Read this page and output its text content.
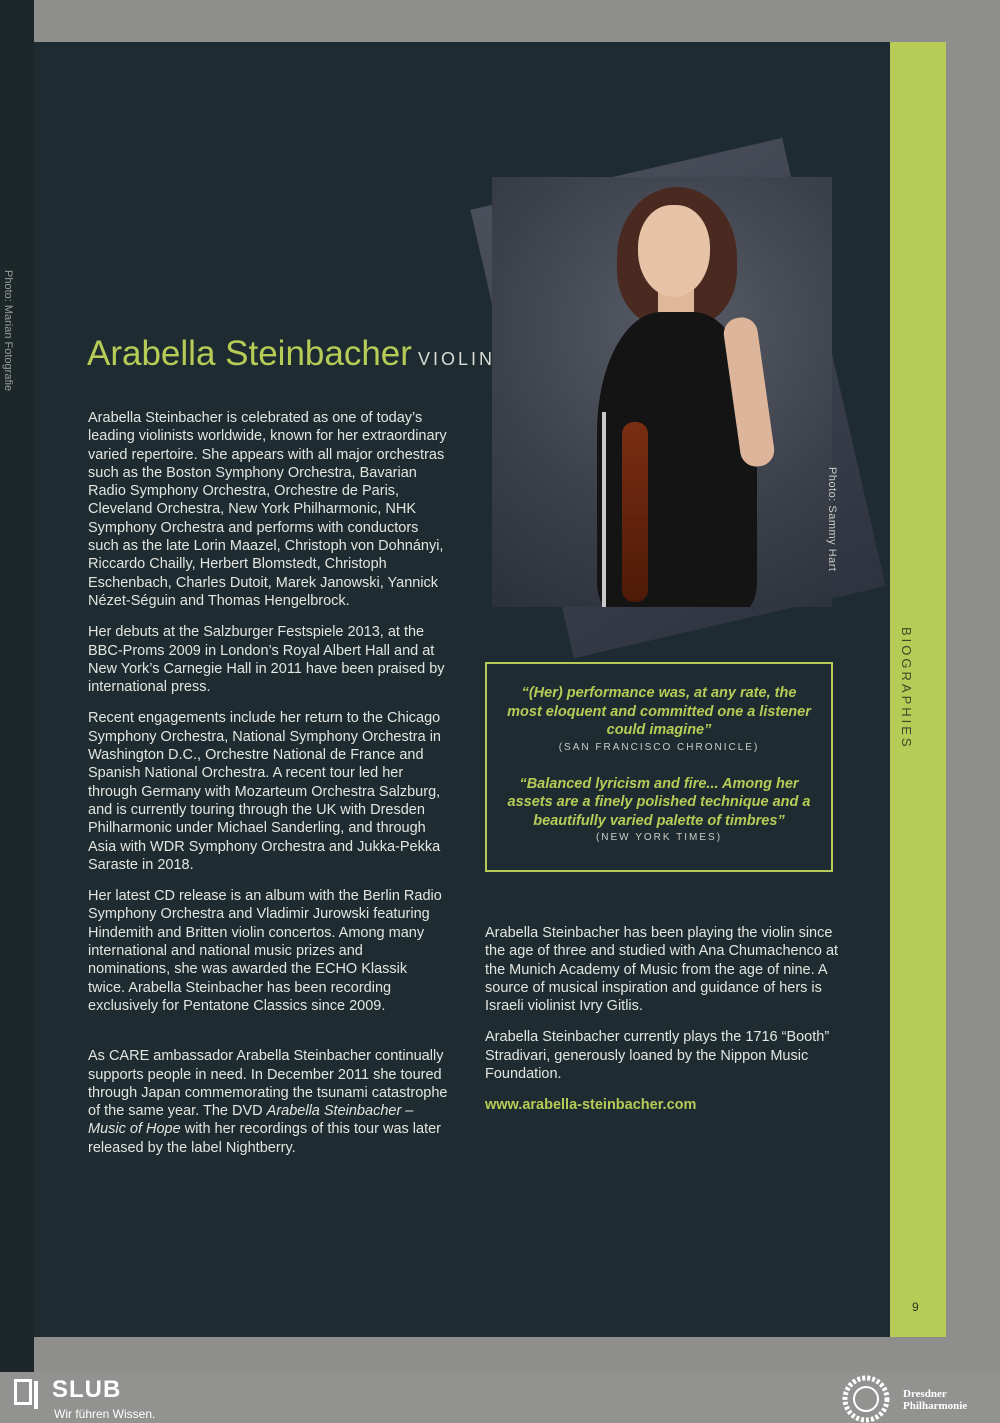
Photo: Marian Fotografie
BIOGRAPHIES
9
Photo: Sammy Hart
Arabella Steinbacher VIOLIN

Arabella Steinbacher is celebrated as one of today’s leading violinists worldwide, known for her extraordinary varied repertoire. She appears with all major orchestras such as the Boston Symphony Orchestra, Bavarian Radio Symphony Orchestra, Orchestre de Paris, Cleveland Orchestra, New York Philharmonic, NHK Symphony Orchestra and performs with conductors such as the late Lorin Maazel, Christoph von Dohnányi, Riccardo Chailly, Herbert Blomstedt, Christoph Eschenbach, Charles Dutoit, Marek Janowski, Yannick Nézet-Séguin and Thomas Hengelbrock.

Her debuts at the Salzburger Festspiele 2013, at the BBC-Proms 2009 in London’s Royal Albert Hall and at New York’s Carnegie Hall in 2011 have been praised by international press.

Recent engagements include her return to the Chicago Symphony Orchestra, National Symphony Orchestra in Washington D.C., Orchestre National de France and Spanish National Orchestra. A recent tour led her through Germany with Mozarteum Orchestra Salzburg, and is currently touring through the UK with Dresden Philharmonic under Michael Sanderling, and through Asia with WDR Symphony Orchestra and Jukka-Pekka Saraste in 2018.

Her latest CD release is an album with the Berlin Radio Symphony Orchestra and Vladimir Jurowski featuring Hindemith and Britten violin concertos. Among many international and national music prizes and nominations, she was awarded the ECHO Klassik twice. Arabella Steinbacher has been recording exclusively for Pentatone Classics since 2009.

As CARE ambassador Arabella Steinbacher continually supports people in need. In December 2011 she toured through Japan commemorating the tsunami catastrophe of the same year. The DVD Arabella Steinbacher – Music of Hope with her recordings of this tour was later released by the label Nightberry.

“(Her) performance was, at any rate, the most eloquent and committed one a listener could imagine”

(SAN FRANCISCO CHRONICLE)

“Balanced lyricism and fire... Among her assets are a finely polished technique and a beautifully varied palette of timbres”

(NEW YORK TIMES)

Arabella Steinbacher has been playing the violin since the age of three and studied with Ana Chumachenco at the Munich Academy of Music from the age of nine. A source of musical inspiration and guidance of hers is Israeli violinist Ivry Gitlis.

Arabella Steinbacher currently plays the 1716 “Booth” Stradivari, generously loaned by the Nippon Music Foundation.

www.arabella-steinbacher.com
SLUB
Wir führen Wissen.
Dresdner
Philharmonie
